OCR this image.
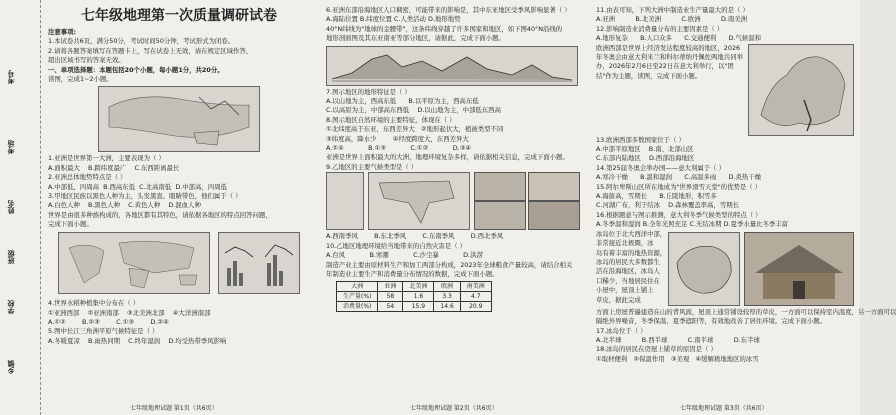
考号
考场
姓名
班级
学校
乡镇
七年级地理第一次质量调研试卷

注意事项:

1.本试卷共6页，满分50分，考试时间50分钟，考试形式为闭卷。

2.请将各题答案填写在答题卡上，写在试卷上无效，请在规定区域作答，

超出区域书写的答案无效。

一、单项选择题：本题包括20个小题，每小题1分，共20分。

读图，完成1~2小题。

1.亚洲是世界第一大洲，主要表现为（ ）

A.面积最大 B.跨纬度最广 C.东西距离最长

2.亚洲总体地势特点是（ ）

A.中部低，四周高 B.西高东低 C.北高南低 D.中部高，四周低

3.甲地区民族以黑色人种为主，头发黑直、眼睛带色，他们属于（ ）

A.白色人种 B.黑色人种 C.黄色人种 D.混血人种

世界是由很多种族构成的，各地区都有其特色，请依据各地区的特点回答问题，

完成下面小题。

4.世界水稻种植集中分布在（ ）

①亚洲西部 ②亚洲南部 ③北美洲北部 ④大洋洲南部

A.①②	B.②③	C.①③	D.②④

5.图中长江三角洲平原气候特征是（ ）

A.冬暖夏凉 B.雨热同期 C.终年湿润 D.均受热带季风影响

七年级地理试题 第1页（共6页）

6.亚洲东部沿海地区人口稠密，可能带来的影响是，其中东亚地区受季风影响显著（ ）

A.海陆位置 B.纬度位置 C.人类活动 D.地形地势

40°N纬线为"地球的金腰带"，这条纬线穿越了许多国家和地区，如下图40°N沿线的

地形剖面图及其东亚南亚等部分地区，请据此，完成下面小题。

7.图示地区的地形特征是（ ）

A.以山地为主，西高东低 B.以平原为主，西高东低

C.以高原为主，中部高东西低 D.以山地为主，中部低东西高

8.图示地区自然环境的主要特征，体现在（ ）

①北纬度高于东亚，东西差异大 ②地形起伏大，植被类型不同

③纬度高，降水少	④经度跨度大，东西差异大

A.②④	B.①③	C.①②	D.③④

亚洲是世界上面积最大的大洲，地理环境复杂多样，请依据相关信息，完成下面小题。

9.乙地区的主要气候类型是（ ）

A.西南季风	B.东北季风	C.东南季风	D.西北季风

10.乙地区地理环境给当地带来的自然灾害是（ ）

A.台风	B.寒潮	C.沙尘暴	D.洪涝

制造产业主要由原材料生产和加工两部分构成，2023年全球粮食产量较高，请结合相关

年制造业主要生产和消费量分布情况的数据，完成下面小题。

大洲	亚洲	北美洲	欧洲	南美洲
生产量(%)	58	1.6	3.3	4.7
消费量(%)	54	15.9	14.6	20.9
七年级地理试题 第2页（共6页）

11.由表可知，下列大洲中制造业生产量最大的是（ ）

A.亚洲	B.北美洲	C.欧洲	D.南美洲

12.影响制造业消费量分布的主要因素是（ ）

A.地形复杂 B.人口众多 C.交通便利 D.气候温和

欧洲西部是世界上经济发达程度较高的地区，2026年冬奥会由意大利米兰和科尔蒂纳丹佩佐两地共同举办，2026年2月6日至22日在意大利举行，以"团结"作为主题，读图，完成下面小题。

13.欧洲西部多数国家位于（ ）

A.中部平原地区 B.南、北部山区

C.东部内陆地区 D.西部沿海地区

14.第25届冬奥会举办国——意大利属于（ ）

A.寒冷干燥 B.温和湿润 C.高温多雨 D.炎热干燥

15.阿尔卑斯山区所在地成为"世界滑雪天堂"的优势是（ ）

A.海拔高，雪期长 B.丘陵地形，积雪多

C.河湖广布，利于结冰 D.森林覆盖率高，雪期长

16.根据题意与图示推测，意大利冬季气候类型的特点（ ）

A.冬季温和湿润 B.全年光照充足 C.无结冰期 D.夏季水量比冬季丰富

冰岛位于北大西洋中部，

非常接近北极圈，冰

岛有着丰富的地热资源，

冰岛的居民大多数都生

活在沿海地区，冰岛人

口稀少，当地居民住在

小屋中，屋顶上铺上

草皮，据此完成

方面上房屋普遍建造在山的背风面，屋顶上通常铺设较厚的草皮，一方面可以保持室内温度，另一方面可以

隔绝外界噪音，冬季保温、夏季遮阳等，有效地改善了居住环境。完成下面小题。

17.冰岛位于（ ）

A.北半球	B.西半球	C.南半球	D.东半球

18.冰岛的居民在房屋上铺草的原因是（ ）

①取材便利 ②保温作用 ③美观 ④缓解极地地区的冰雪

七年级地理试题 第3页（共6页）
